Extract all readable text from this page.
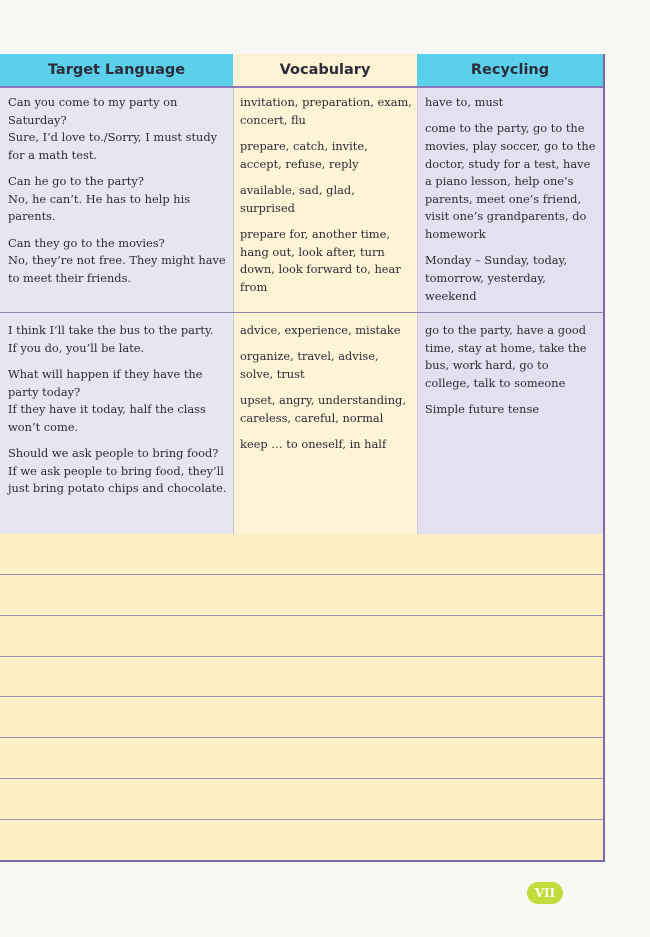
Target Language	Vocabulary	Recycling

Can you come to my party on Saturday?
Sure, I’d love to./Sorry, I must study for a math test.

Can he go to the party?
No, he can’t. He has to help his parents.

Can they go to the movies?
No, they’re not free. They might have to meet their friends.

invitation, preparation, exam, concert, flu

prepare, catch, invite, accept, refuse, reply

available, sad, glad, surprised

prepare for, another time, hang out, look after, turn down, look forward to, hear from

have to, must

come to the party, go to the movies, play soccer, go to the doctor, study for a test, have a piano lesson, help one’s parents, meet one’s friend, visit one’s grandparents, do homework

Monday – Sunday, today, tomorrow, yesterday, weekend

I think I’ll take the bus to the party.
If you do, you’ll be late.

What will happen if they have the party today?
If they have it today, half the class won’t come.

Should we ask people to bring food?
If we ask people to bring food, they’ll just bring potato chips and chocolate.

advice, experience, mistake

organize, travel, advise, solve, trust

upset, angry, understanding, careless, careful, normal

keep … to oneself, in half

go to the party, have a good time, stay at home, take the bus, work hard, go to college, talk to someone

Simple future tense

VII
